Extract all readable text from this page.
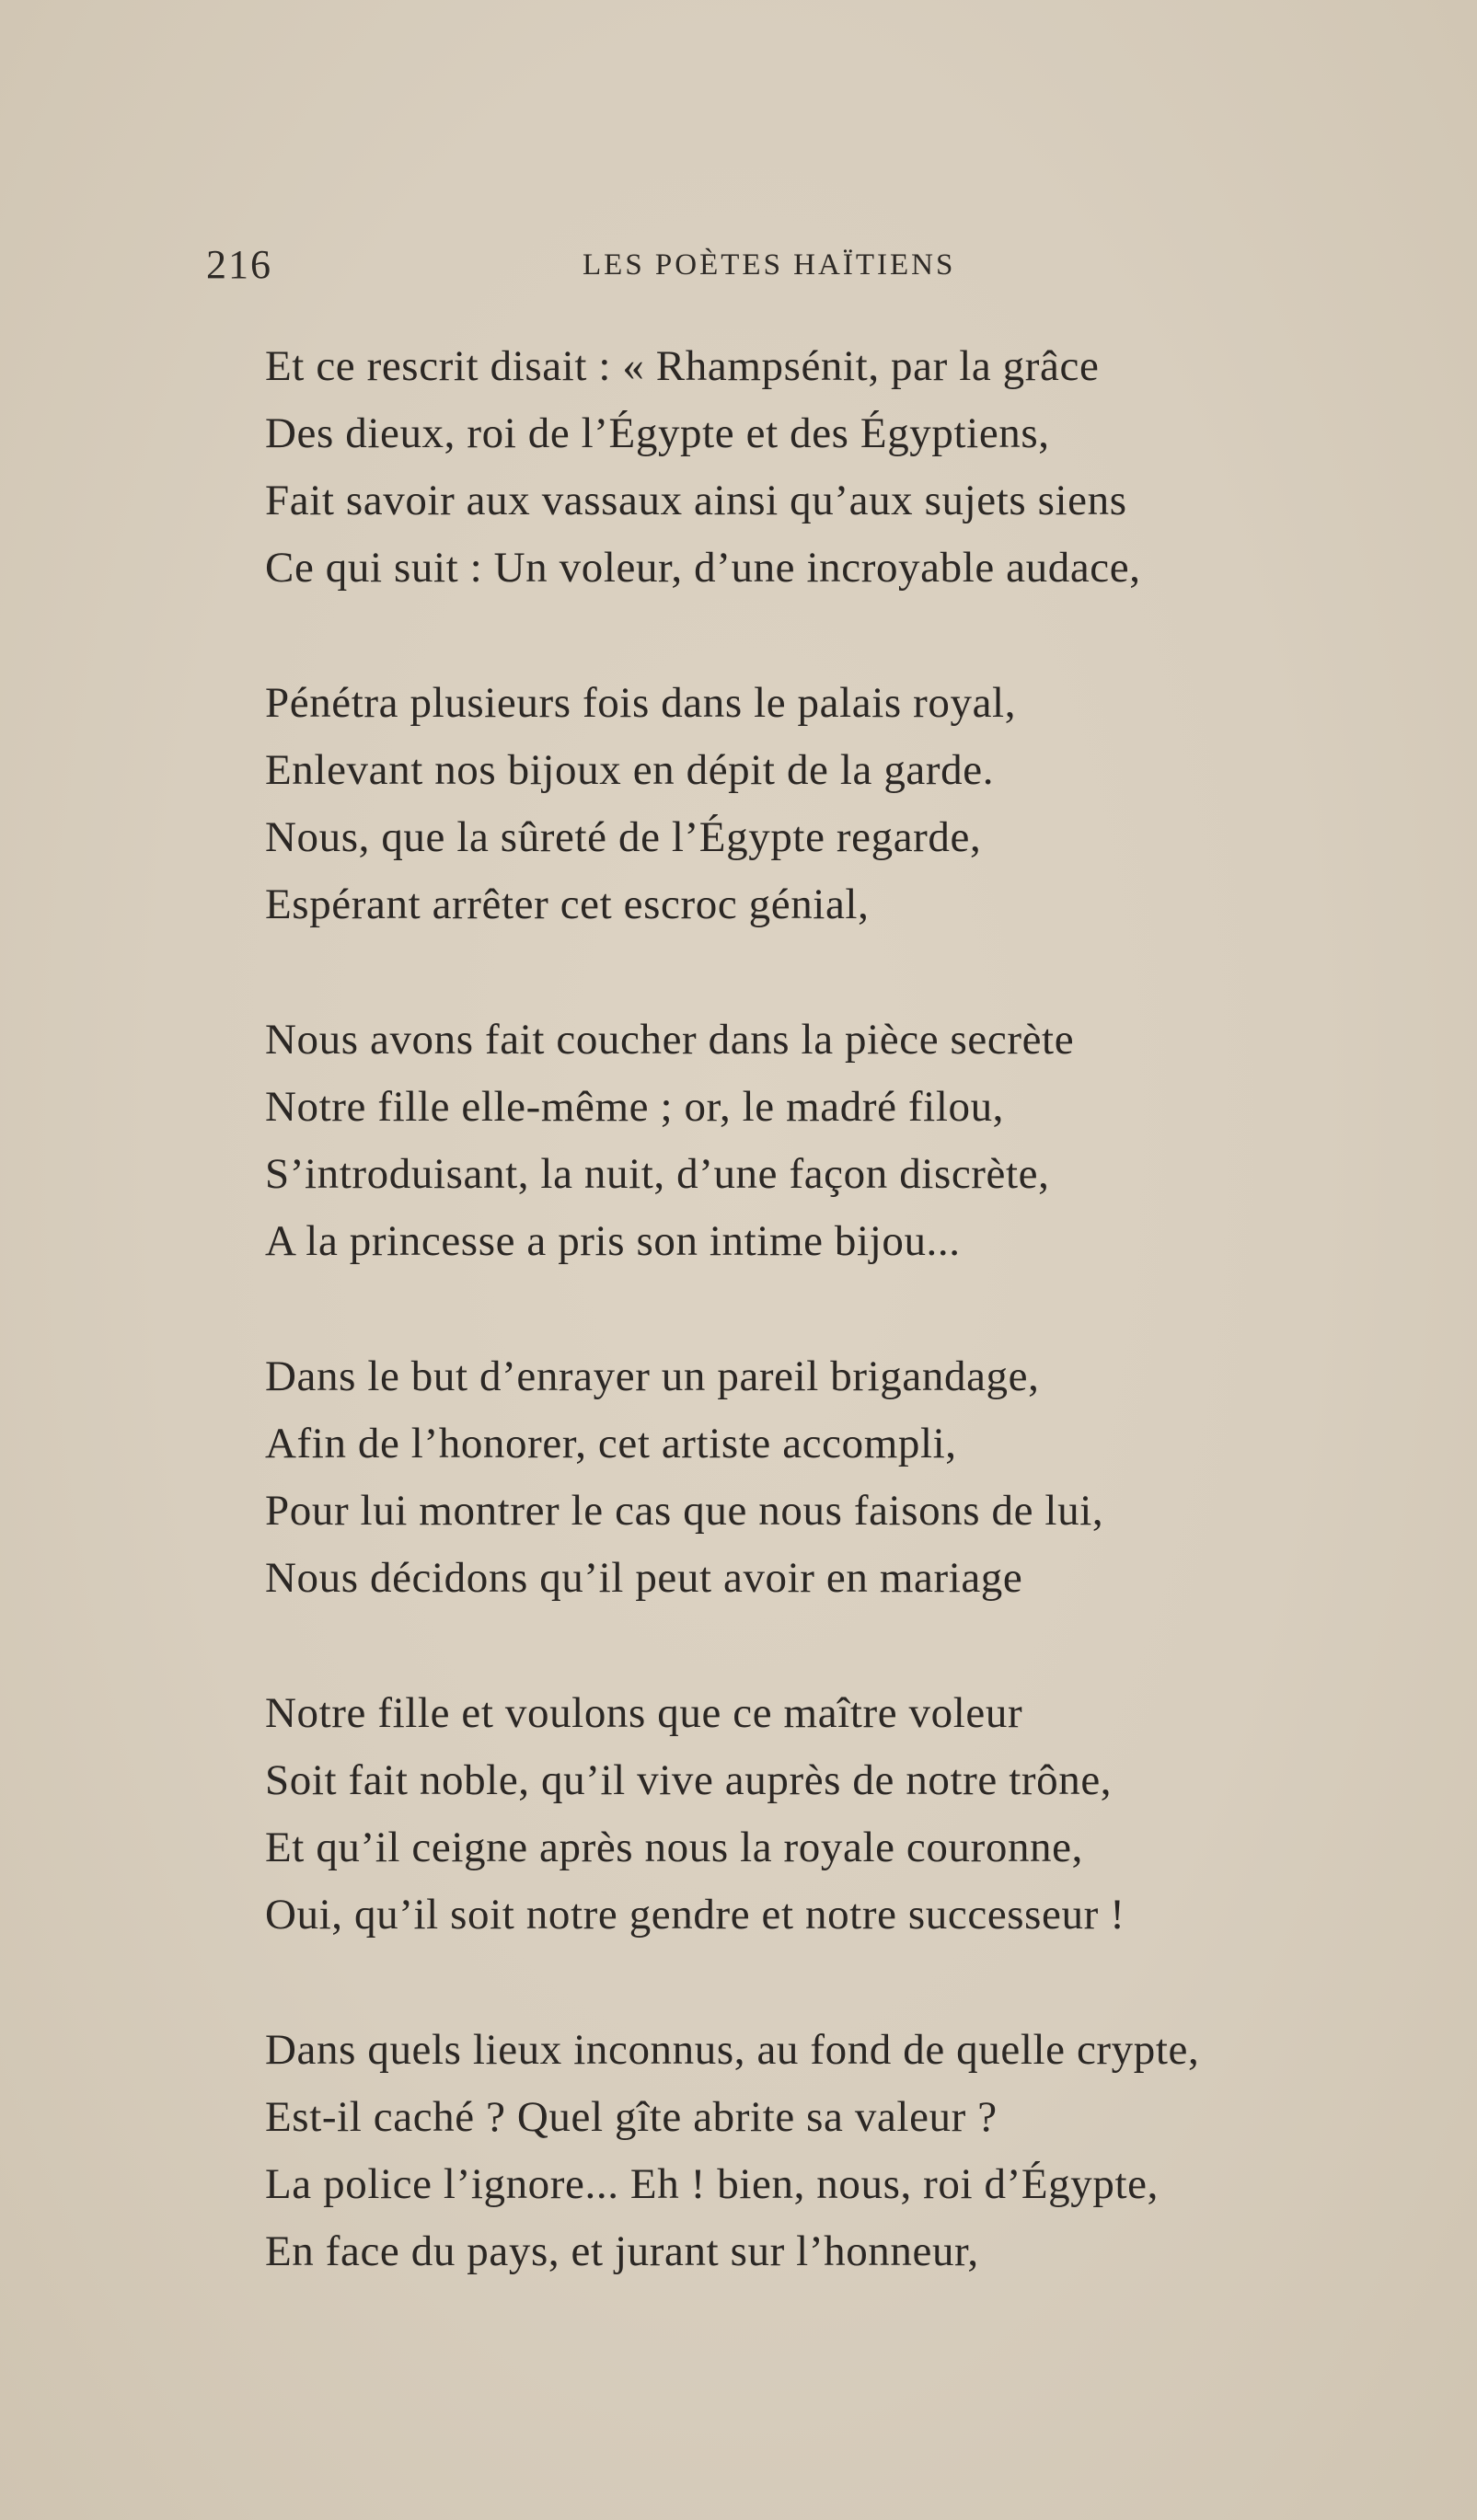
216	LES POÈTES HAÏTIENS
Et ce rescrit disait : « Rhampsénit, par la grâce
Des dieux, roi de l’Égypte et des Égyptiens,
Fait savoir aux vassaux ainsi qu’aux sujets siens
Ce qui suit : Un voleur, d’une incroyable audace,
Pénétra plusieurs fois dans le palais royal,
Enlevant nos bijoux en dépit de la garde.
Nous, que la sûreté de l’Égypte regarde,
Espérant arrêter cet escroc génial,
Nous avons fait coucher dans la pièce secrète
Notre fille elle-même ; or, le madré filou,
S’introduisant, la nuit, d’une façon discrète,
A la princesse a pris son intime bijou...
Dans le but d’enrayer un pareil brigandage,
Afin de l’honorer, cet artiste accompli,
Pour lui montrer le cas que nous faisons de lui,
Nous décidons qu’il peut avoir en mariage
Notre fille et voulons que ce maître voleur
Soit fait noble, qu’il vive auprès de notre trône,
Et qu’il ceigne après nous la royale couronne,
Oui, qu’il soit notre gendre et notre successeur !
Dans quels lieux inconnus, au fond de quelle crypte,
Est-il caché ? Quel gîte abrite sa valeur ?
La police l’ignore... Eh ! bien, nous, roi d’Égypte,
En face du pays, et jurant sur l’honneur,
